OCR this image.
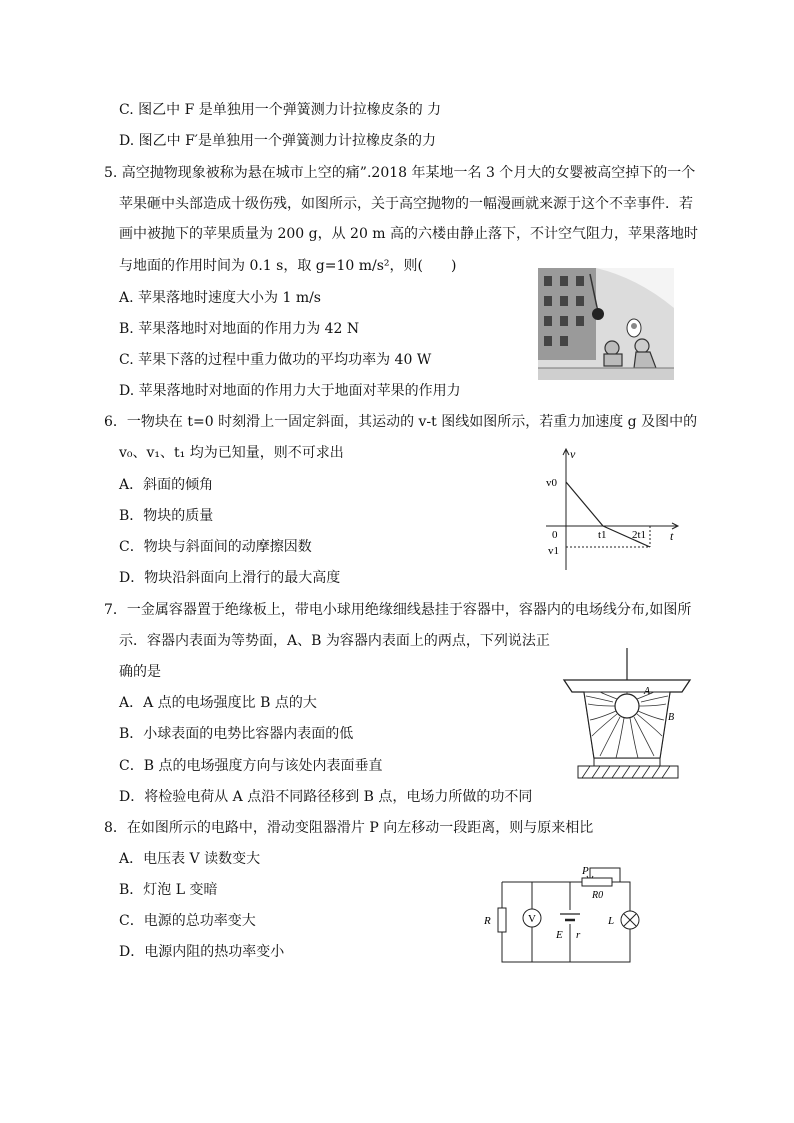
C. 图乙中 F 是单独用一个弹簧测力计拉橡皮条的 力
D. 图乙中 F′是单独用一个弹簧测力计拉橡皮条的力
5. 高空抛物现象被称为悬在城市上空的痛”.2018 年某地一名 3 个月大的女婴被高空掉下的一个
苹果砸中头部造成十级伤残，如图所示，关于高空抛物的一幅漫画就来源于这个不幸事件．若
画中被抛下的苹果质量为 200 g，从 20 m 高的六楼由静止落下，不计空气阻力，苹果落地时
与地面的作用时间为 0.1 s，取 g=10 m/s²，则(　　)
A. 苹果落地时速度大小为 1 m/s
B. 苹果落地时对地面的作用力为 42 N
C. 苹果下落的过程中重力做功的平均功率为 40 W
D. 苹果落地时对地面的作用力大于地面对苹果的作用力
6．一物块在 t=0 时刻滑上一固定斜面，其运动的 v-t 图线如图所示，若重力加速度 g 及图中的
v₀、v₁、t₁ 均为已知量，则不可求出
A．斜面的倾角
B．物块的质量
C．物块与斜面间的动摩擦因数
D．物块沿斜面向上滑行的最大高度
v
t
v0
v1
0	t1 2t1
7．一金属容器置于绝缘板上，带电小球用绝缘细线悬挂于容器中，容器内的电场线分布,如图所
示．容器内表面为等势面，A、B 为容器内表面上的两点，下列说法正
确的是
A．A 点的电场强度比 B 点的大
B．小球表面的电势比容器内表面的低
C．B 点的电场强度方向与该处内表面垂直
D．将检验电荷从 A 点沿不同路径移到 B 点，电场力所做的功不同
A
B
8．在如图所示的电路中，滑动变阻器滑片 P 向左移动一段距离，则与原来相比
A．电压表 V 读数变大
B．灯泡 L 变暗
C．电源的总功率变大
D．电源内阻的热功率变小
V
P
R0
R
E r
L
